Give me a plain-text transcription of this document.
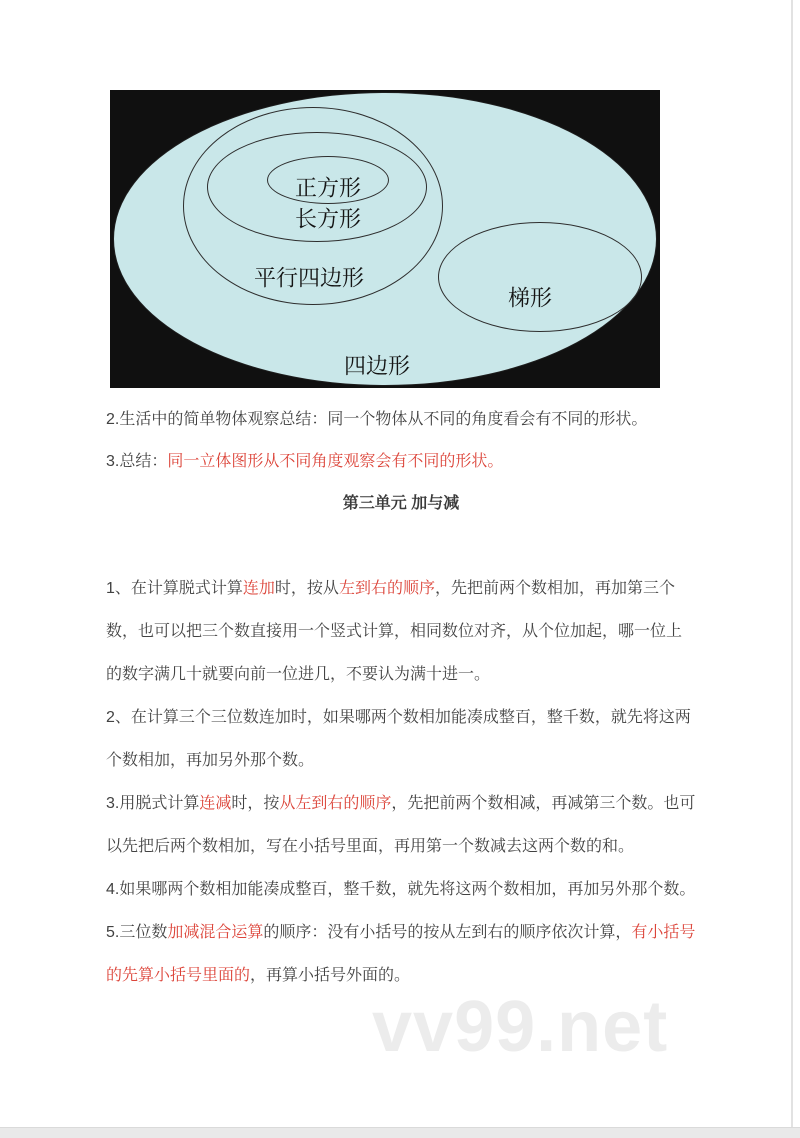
vv99.net
正方形
长方形
平行四边形
梯形
四边形

2.生活中的简单物体观察总结：同一个物体从不同的角度看会有不同的形状。

3.总结：同一立体图形从不同角度观察会有不同的形状。

第三单元 加与减

1、在计算脱式计算连加时，按从左到右的顺序，先把前两个数相加，再加第三个数，也可以把三个数直接用一个竖式计算，相同数位对齐，从个位加起，哪一位上的数字满几十就要向前一位进几，不要认为满十进一。

2、在计算三个三位数连加时，如果哪两个数相加能凑成整百，整千数，就先将这两个数相加，再加另外那个数。

3.用脱式计算连减时，按从左到右的顺序，先把前两个数相减，再减第三个数。也可以先把后两个数相加，写在小括号里面，再用第一个数减去这两个数的和。

4.如果哪两个数相加能凑成整百，整千数，就先将这两个数相加，再加另外那个数。

5.三位数加减混合运算的顺序：没有小括号的按从左到右的顺序依次计算，有小括号的先算小括号里面的，再算小括号外面的。
